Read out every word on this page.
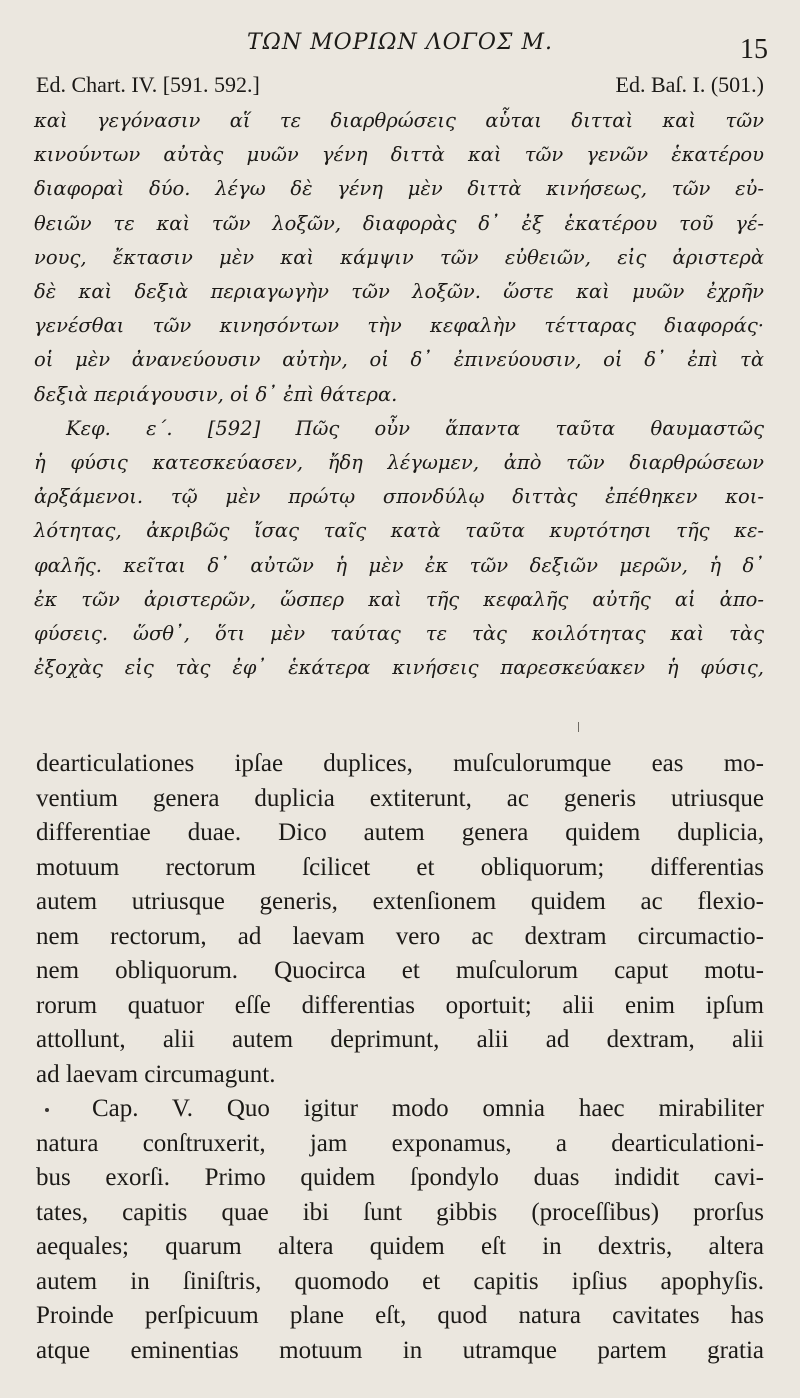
ΤΩΝ ΜΟΡΙΩΝ ΛΟΓΟΣ Μ.	15
Ed. Chart. IV. [591. 592.]	Ed. Baſ. I. (501.)
καὶ γεγόνασιν αἵ τε διαρθρώσεις αὗται διτταὶ καὶ τῶν
κινούντων αὐτὰς μυῶν γένη διττὰ καὶ τῶν γενῶν ἑκατέρου
διαφοραὶ δύο. λέγω δὲ γένη μὲν διττὰ κινήσεως, τῶν εὐ-
θειῶν τε καὶ τῶν λοξῶν, διαφορὰς δ᾽ ἐξ ἑκατέρου τοῦ γέ-
νους, ἔκτασιν μὲν καὶ κάμψιν τῶν εὐθειῶν, εἰς ἀριστερὰ
δὲ καὶ δεξιὰ περιαγωγὴν τῶν λοξῶν. ὥστε καὶ μυῶν ἐχρῆν
γενέσθαι τῶν κινησόντων τὴν κεφαλὴν τέτταρας διαφοράς·
οἱ μὲν ἀνανεύουσιν αὐτὴν, οἱ δ᾽ ἐπινεύουσιν, οἱ δ᾽ ἐπὶ τὰ
δεξιὰ περιάγουσιν, οἱ δ᾽ ἐπὶ θάτερα.
Κεφ. ε΄. [592] Πῶς οὖν ἅπαντα ταῦτα θαυμαστῶς
ἡ φύσις κατεσκεύασεν, ἤδη λέγωμεν, ἀπὸ τῶν διαρθρώσεων
ἀρξάμενοι. τῷ μὲν πρώτῳ σπονδύλῳ διττὰς ἐπέθηκεν κοι-
λότητας, ἀκριβῶς ἴσας ταῖς κατὰ ταῦτα κυρτότησι τῆς κε-
φαλῆς. κεῖται δ᾽ αὐτῶν ἡ μὲν ἐκ τῶν δεξιῶν μερῶν, ἡ δ᾽
ἐκ τῶν ἀριστερῶν, ὥσπερ καὶ τῆς κεφαλῆς αὐτῆς αἱ ἀπο-
φύσεις. ὥσθ᾽, ὅτι μὲν ταύτας τε τὰς κοιλότητας καὶ τὰς
ἐξοχὰς εἰς τὰς ἐφ᾽ ἑκάτερα κινήσεις παρεσκεύακεν ἡ φύσις,
dearticulationes ipſae duplices, muſculorumque eas mo-
ventium genera duplicia extiterunt, ac generis utriusque
differentiae duae. Dico autem genera quidem duplicia,
motuum rectorum ſcilicet et obliquorum; differentias
autem utriusque generis, extenſionem quidem ac flexio-
nem rectorum, ad laevam vero ac dextram circumactio-
nem obliquorum. Quocirca et muſculorum caput motu-
rorum quatuor eſſe differentias oportuit; alii enim ipſum
attollunt, alii autem deprimunt, alii ad dextram, alii
ad laevam circumagunt.
Cap. V. Quo igitur modo omnia haec mirabiliter
natura conſtruxerit, jam exponamus, a dearticulationi-
bus exorſi. Primo quidem ſpondylo duas indidit cavi-
tates, capitis quae ibi ſunt gibbis (proceſſibus) prorſus
aequales; quarum altera quidem eſt in dextris, altera
autem in ſiniſtris, quomodo et capitis ipſius apophyſis.
Proinde perſpicuum plane eſt, quod natura cavitates has
atque eminentias motuum in utramque partem gratia
